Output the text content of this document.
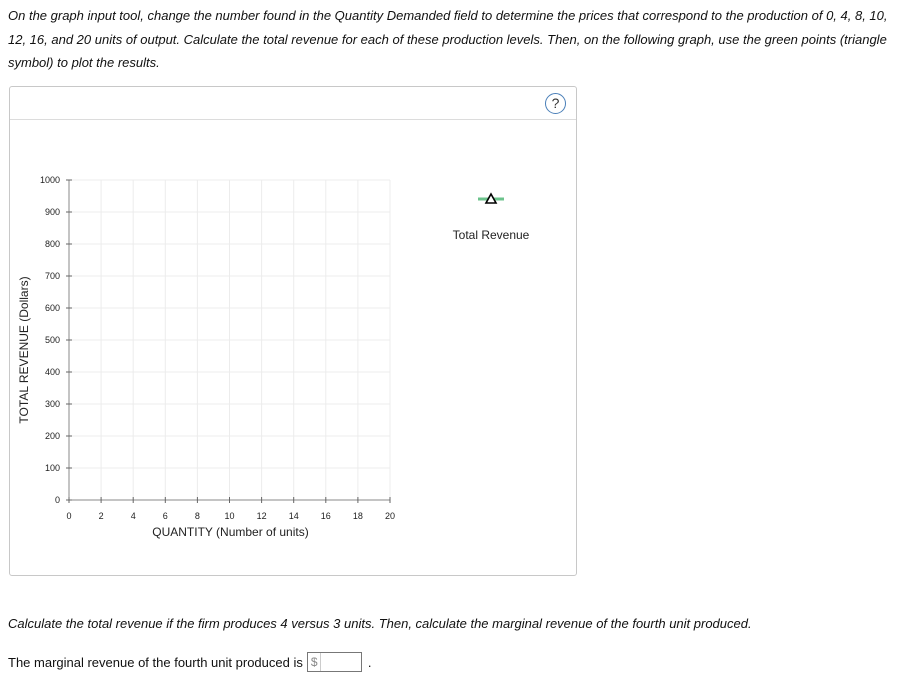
On the graph input tool, change the number found in the Quantity Demanded field to determine the prices that correspond to the production of 0, 4, 8, 10, 12, 16, and 20 units of output. Calculate the total revenue for each of these production levels. Then, on the following graph, use the green points (triangle symbol) to plot the results.

?
0
100
200
300
400
500
600
700
800
900
1000
0	2	4	6	8	10 12 14 16 18 20
QUANTITY (Number of units)
TOTAL REVENUE (Dollars)
Total Revenue

Calculate the total revenue if the firm produces 4 versus 3 units. Then, calculate the marginal revenue of the fourth unit produced.

The marginal revenue of the fourth unit produced is $	.
